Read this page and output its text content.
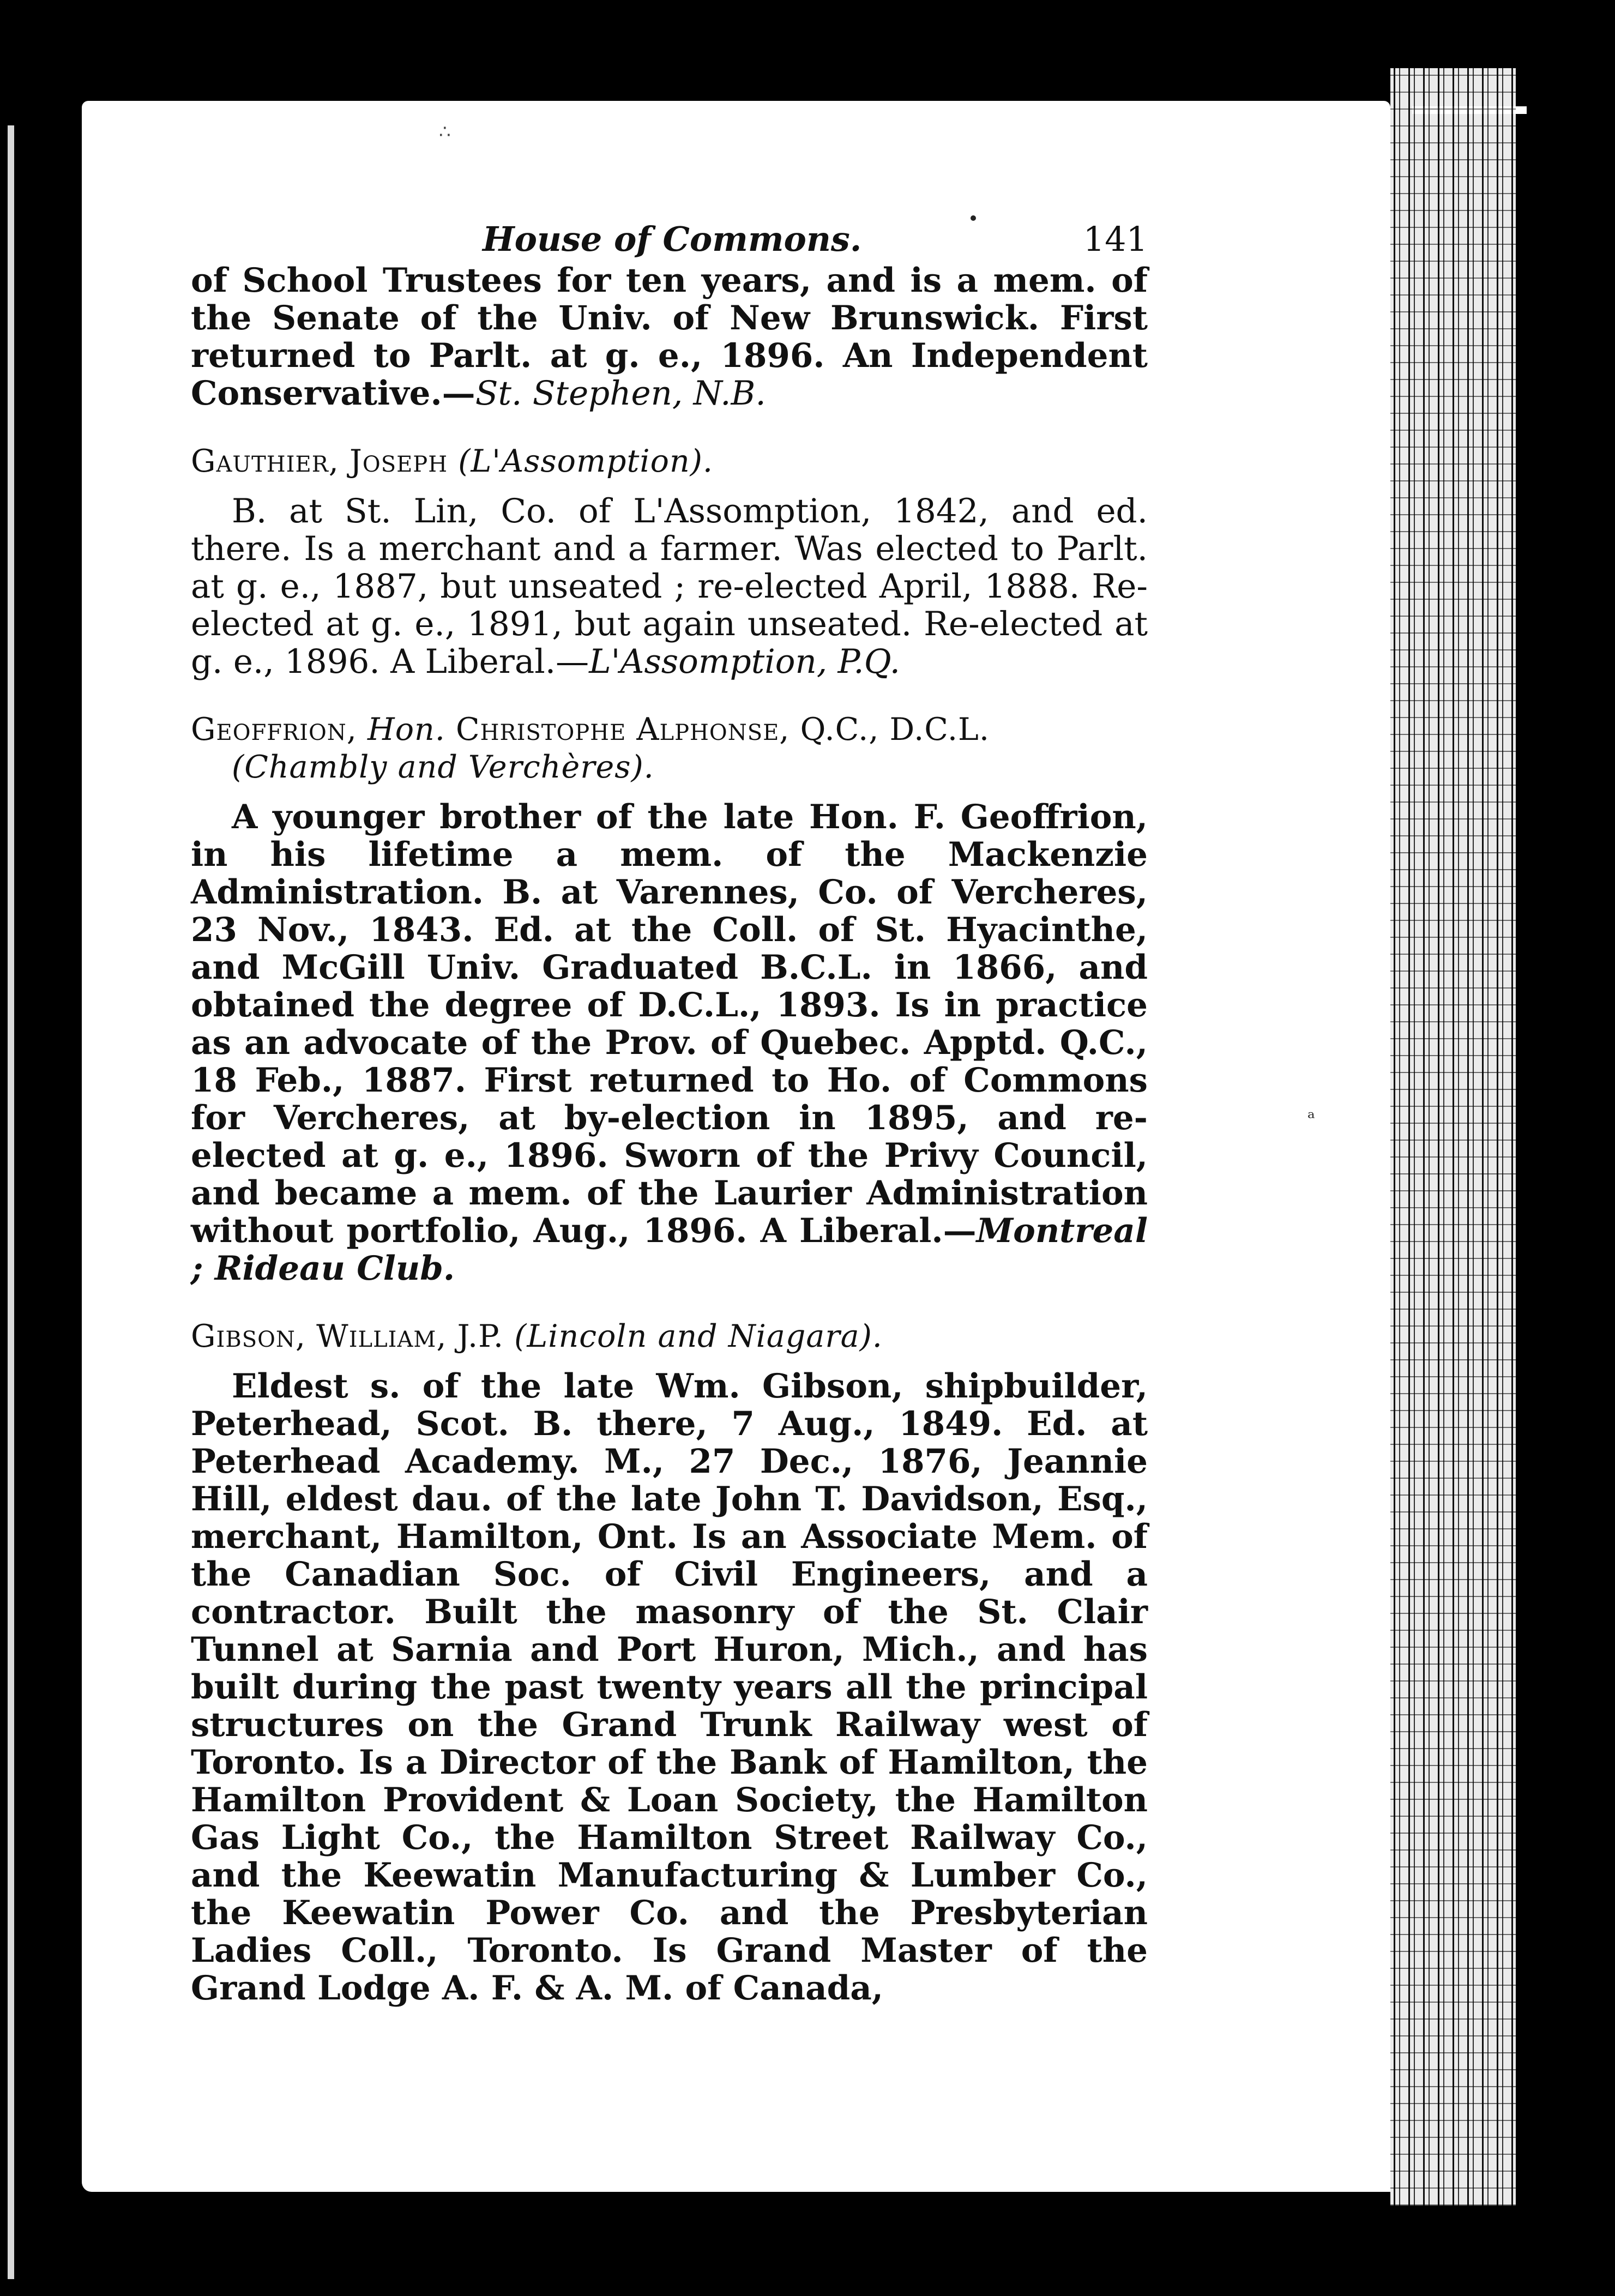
∴
ᵃ
House of Commons.	141

of School Trustees for ten years, and is a mem. of the Senate of the Univ. of New Brunswick. First returned to Parlt. at g. e., 1896. An Independent Conservative.—St. Stephen, N.B.

Gauthier, Joseph (L'Assomption).

B. at St. Lin, Co. of L'Assomption, 1842, and ed. there. Is a merchant and a farmer. Was elected to Parlt. at g. e., 1887, but unseated ; re-elected April, 1888. Re-elected at g. e., 1891, but again unseated. Re-elected at g. e., 1896. A Liberal.—L'Assomption, P.Q.

Geoffrion, Hon. Christophe Alphonse, Q.C., D.C.L.
(Chambly and Verchères).

A younger brother of the late Hon. F. Geoffrion, in his lifetime a mem. of the Mackenzie Administration. B. at Varennes, Co. of Vercheres, 23 Nov., 1843. Ed. at the Coll. of St. Hyacinthe, and McGill Univ. Graduated B.C.L. in 1866, and obtained the degree of D.C.L., 1893. Is in practice as an advocate of the Prov. of Quebec. Apptd. Q.C., 18 Feb., 1887. First returned to Ho. of Commons for Vercheres, at by-election in 1895, and re-elected at g. e., 1896. Sworn of the Privy Council, and became a mem. of the Laurier Administration without portfolio, Aug., 1896. A Liberal.—Montreal ; Rideau Club.

Gibson, William, J.P. (Lincoln and Niagara).

Eldest s. of the late Wm. Gibson, shipbuilder, Peterhead, Scot. B. there, 7 Aug., 1849. Ed. at Peterhead Academy. M., 27 Dec., 1876, Jeannie Hill, eldest dau. of the late John T. Davidson, Esq., merchant, Hamilton, Ont. Is an Associate Mem. of the Canadian Soc. of Civil Engineers, and a contractor. Built the masonry of the St. Clair Tunnel at Sarnia and Port Huron, Mich., and has built during the past twenty years all the principal structures on the Grand Trunk Railway west of Toronto. Is a Director of the Bank of Hamilton, the Hamilton Provident & Loan Society, the Hamilton Gas Light Co., the Hamilton Street Railway Co., and the Keewatin Manufacturing & Lumber Co., the Keewatin Power Co. and the Presbyterian Ladies Coll., Toronto. Is Grand Master of the Grand Lodge A. F. & A. M. of Canada,
